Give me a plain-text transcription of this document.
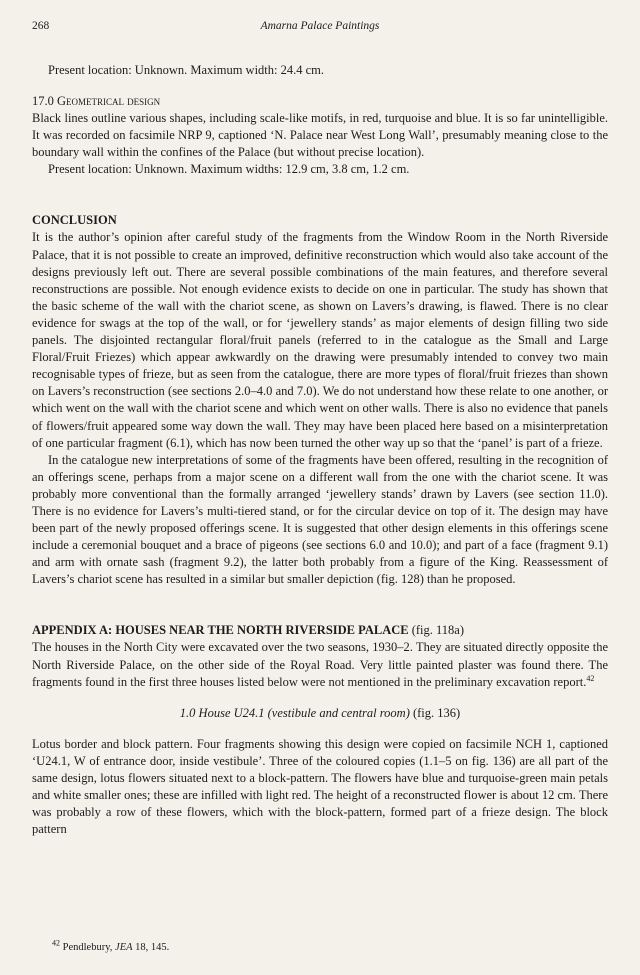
268	Amarna Palace Paintings

Present location: Unknown. Maximum width: 24.4 cm.

17.0 Geometrical design

Black lines outline various shapes, including scale-like motifs, in red, turquoise and blue. It is so far unintelligible. It was recorded on facsimile NRP 9, captioned ‘N. Palace near West Long Wall’, presumably meaning close to the boundary wall within the confines of the Palace (but without precise location).

Present location: Unknown. Maximum widths: 12.9 cm, 3.8 cm, 1.2 cm.

CONCLUSION

It is the author’s opinion after careful study of the fragments from the Window Room in the North Riverside Palace, that it is not possible to create an improved, definitive reconstruction which would also take account of the designs previously left out. There are several possible combinations of the main features, and therefore several reconstructions are possible. Not enough evidence exists to decide on one in particular. The study has shown that the basic scheme of the wall with the chariot scene, as shown on Lavers’s drawing, is flawed. There is no clear evidence for swags at the top of the wall, or for ‘jewellery stands’ as major elements of design filling two side panels. The disjointed rectangular floral/fruit panels (referred to in the catalogue as the Small and Large Floral/Fruit Friezes) which appear awkwardly on the drawing were presumably intended to convey two main recognisable types of frieze, but as seen from the catalogue, there are more types of floral/fruit friezes than shown on Lavers’s reconstruction (see sections 2.0–4.0 and 7.0). We do not understand how these relate to one another, or which went on the wall with the chariot scene and which went on other walls. There is also no evidence that panels of flowers/fruit appeared some way down the wall. They may have been placed here based on a misinterpretation of one particular fragment (6.1), which has now been turned the other way up so that the ‘panel’ is part of a frieze.

In the catalogue new interpretations of some of the fragments have been offered, resulting in the recognition of an offerings scene, perhaps from a major scene on a different wall from the one with the chariot scene. It was probably more conventional than the formally arranged ‘jewellery stands’ drawn by Lavers (see section 11.0). There is no evidence for Lavers’s multi-tiered stand, or for the circular device on top of it. The design may have been part of the newly proposed offerings scene. It is suggested that other design elements in this offerings scene include a ceremonial bouquet and a brace of pigeons (see sections 6.0 and 10.0); and part of a face (fragment 9.1) and arm with ornate sash (fragment 9.2), the latter both probably from a figure of the King. Reassessment of Lavers’s chariot scene has resulted in a similar but smaller depiction (fig. 128) than he proposed.

APPENDIX A: HOUSES NEAR THE NORTH RIVERSIDE PALACE (fig. 118a)

The houses in the North City were excavated over the two seasons, 1930–2. They are situated directly opposite the North Riverside Palace, on the other side of the Royal Road. Very little painted plaster was found there. The fragments found in the first three houses listed below were not mentioned in the preliminary excavation report.$^{42}$

1.0 House U24.1 (vestibule and central room) (fig. 136)

Lotus border and block pattern. Four fragments showing this design were copied on facsimile NCH 1, captioned ‘U24.1, W of entrance door, inside vestibule’. Three of the coloured copies (1.1–5 on fig. 136) are all part of the same design, lotus flowers situated next to a block-pattern. The flowers have blue and turquoise-green main petals and white smaller ones; these are infilled with light red. The height of a reconstructed flower is about 12 cm. There was probably a row of these flowers, which with the block-pattern, formed part of a frieze design. The block pattern

$^{42}$ Pendlebury, JEA 18, 145.
